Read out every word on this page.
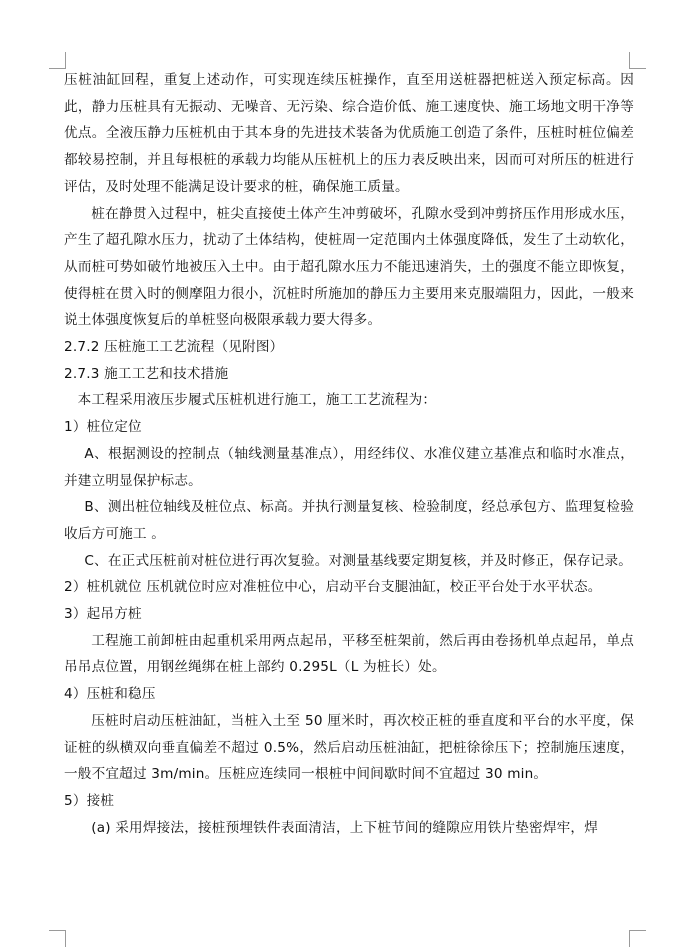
压桩油缸回程，重复上述动作，可实现连续压桩操作，直至用送桩器把桩送入预定标高。因此，静力压桩具有无振动、无噪音、无污染、综合造价低、施工速度快、施工场地文明干净等优点。全液压静力压桩机由于其本身的先进技术装备为优质施工创造了条件，压桩时桩位偏差都较易控制，并且每根桩的承载力均能从压桩机上的压力表反映出来，因而可对所压的桩进行评估，及时处理不能满足设计要求的桩，确保施工质量。

桩在静贯入过程中，桩尖直接使土体产生冲剪破坏，孔隙水受到冲剪挤压作用形成水压，产生了超孔隙水压力，扰动了土体结构，使桩周一定范围内土体强度降低，发生了土动软化，从而桩可势如破竹地被压入土中。由于超孔隙水压力不能迅速消失，土的强度不能立即恢复，使得桩在贯入时的侧摩阻力很小，沉桩时所施加的静压力主要用来克服端阻力，因此，一般来说土体强度恢复后的单桩竖向极限承载力要大得多。

2.7.2 压桩施工工艺流程（见附图）

2.7.3 施工工艺和技术措施

本工程采用液压步履式压桩机进行施工，施工工艺流程为：

1）桩位定位

A、根据测设的控制点（轴线测量基准点），用经纬仪、水准仪建立基准点和临时水准点，并建立明显保护标志。

B、测出桩位轴线及桩位点、标高。并执行测量复核、检验制度，经总承包方、监理复检验收后方可施工 。

C、在正式压桩前对桩位进行再次复验。对测量基线要定期复核，并及时修正，保存记录。

2）桩机就位 压机就位时应对准桩位中心，启动平台支腿油缸，校正平台处于水平状态。

3）起吊方桩

工程施工前卸桩由起重机采用两点起吊，平移至桩架前，然后再由卷扬机单点起吊，单点吊吊点位置，用钢丝绳绑在桩上部约 0.295L（L 为桩长）处。

4）压桩和稳压

压桩时启动压桩油缸，当桩入土至 50 厘米时，再次校正桩的垂直度和平台的水平度，保证桩的纵横双向垂直偏差不超过 0.5%，然后启动压桩油缸，把桩徐徐压下；控制施压速度，一般不宜超过 3m/min。压桩应连续同一根桩中间间歇时间不宜超过 30 min。

5）接桩

(a) 采用焊接法，接桩预埋铁件表面清洁，上下桩节间的缝隙应用铁片垫密焊牢，焊
